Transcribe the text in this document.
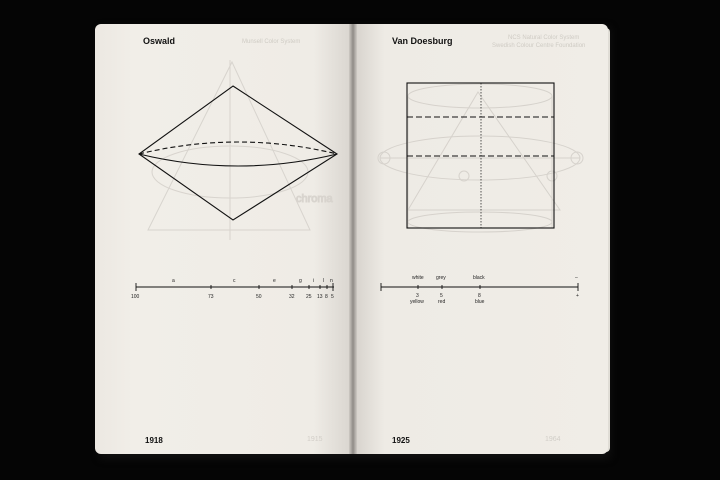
Oswald	Munsell Color System
1918	1915
Van Doesburg	NCS Natural Color System
Swedish Colour Centre Foundation
1925	1964
chroma
a	c	e	g i l n
100	73	50	32 25 13 8 5
white grey	black	–
3	5	8	+
yellow	red	blue
